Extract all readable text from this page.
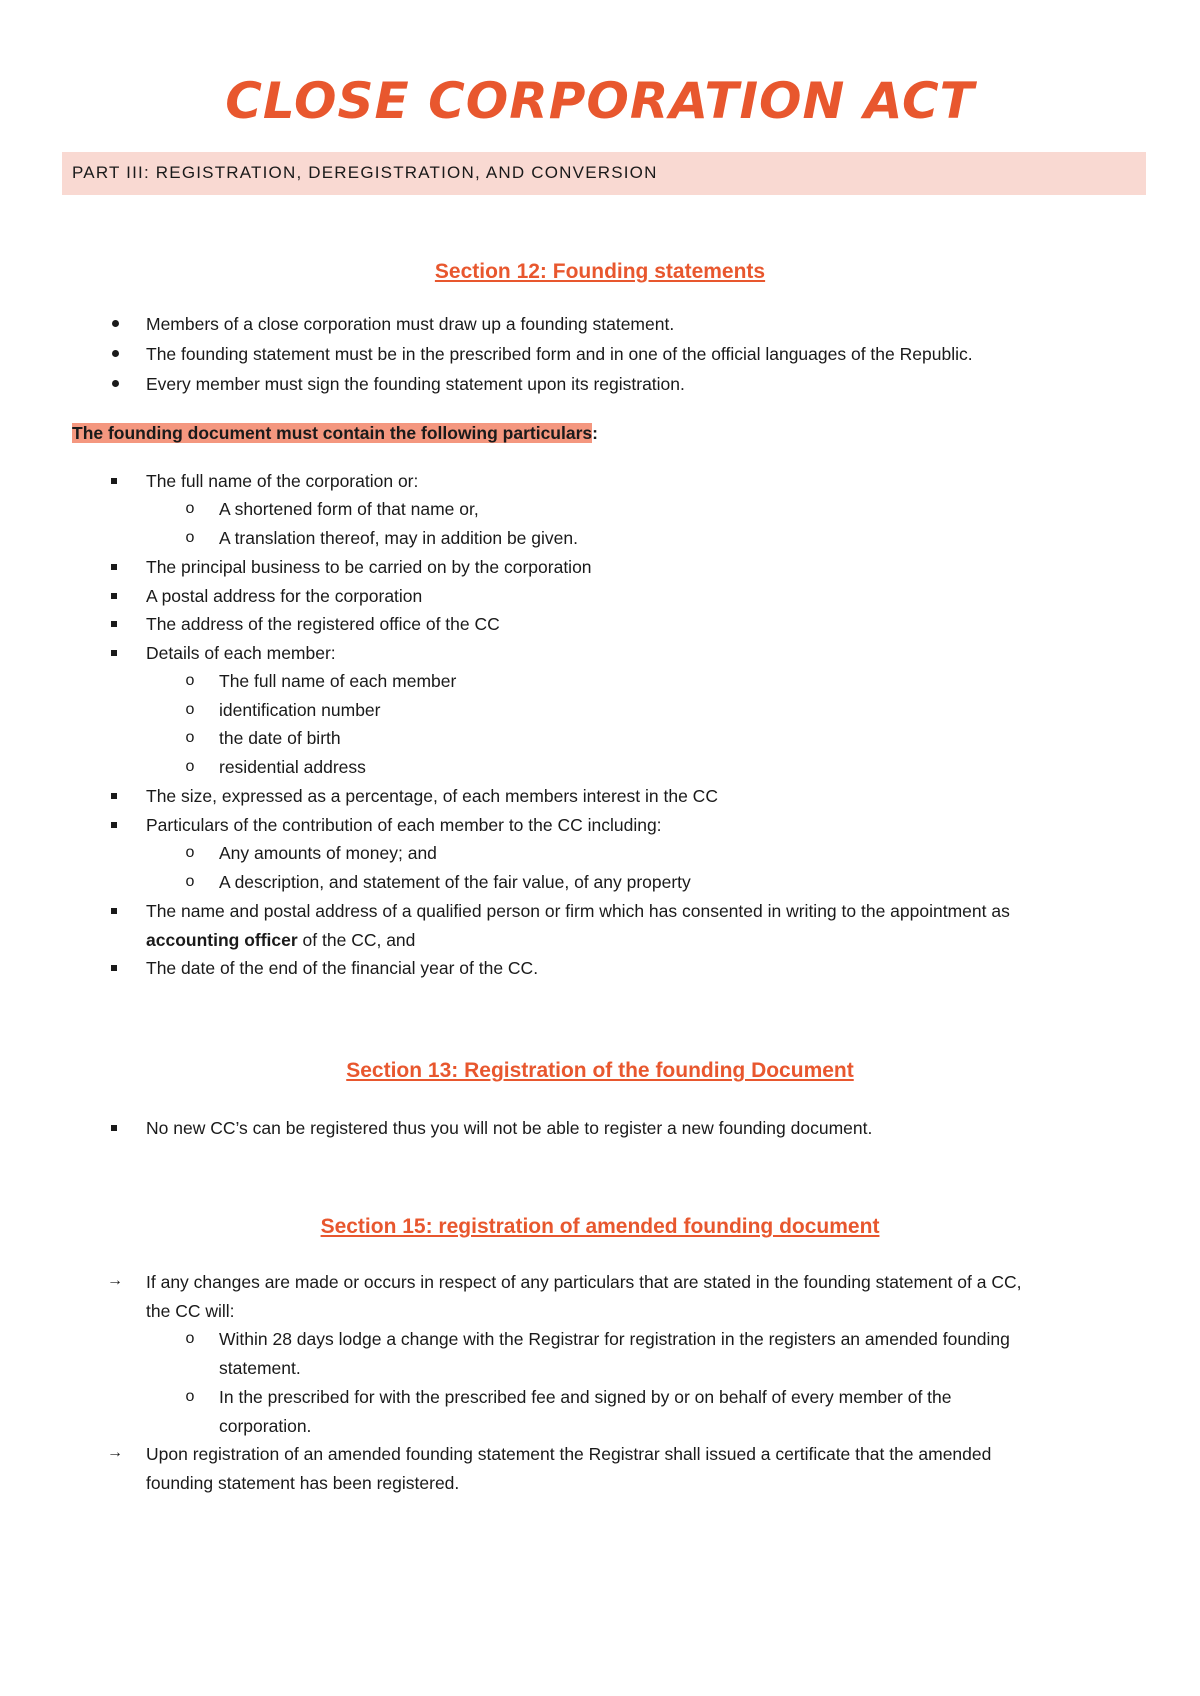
CLOSE CORPORATION ACT
PART III: REGISTRATION, DEREGISTRATION, AND CONVERSION
Section 12: Founding statements
Members of a close corporation must draw up a founding statement.
The founding statement must be in the prescribed form and in one of the official languages of the Republic.
Every member must sign the founding statement upon its registration.
The founding document must contain the following particulars:
The full name of the corporation or:
o	A shortened form of that name or,
o	A translation thereof, may in addition be given.
The principal business to be carried on by the corporation
A postal address for the corporation
The address of the registered office of the CC
Details of each member:
o	The full name of each member
o	identification number
o	the date of birth
o	residential address
The size, expressed as a percentage, of each members interest in the CC
Particulars of the contribution of each member to the CC including:
o	Any amounts of money; and
o	A description, and statement of the fair value, of any property
The name and postal address of a qualified person or firm which has consented in writing to the appointment as
accounting officer of the CC, and
The date of the end of the financial year of the CC.
Section 13: Registration of the founding Document
No new CC’s can be registered thus you will not be able to register a new founding document.
Section 15: registration of amended founding document
→ If any changes are made or occurs in respect of any particulars that are stated in the founding statement of a CC,
the CC will:
o	Within 28 days lodge a change with the Registrar for registration in the registers an amended founding
statement.
o	In the prescribed for with the prescribed fee and signed by or on behalf of every member of the
corporation.
→ Upon registration of an amended founding statement the Registrar shall issued a certificate that the amended
founding statement has been registered.
